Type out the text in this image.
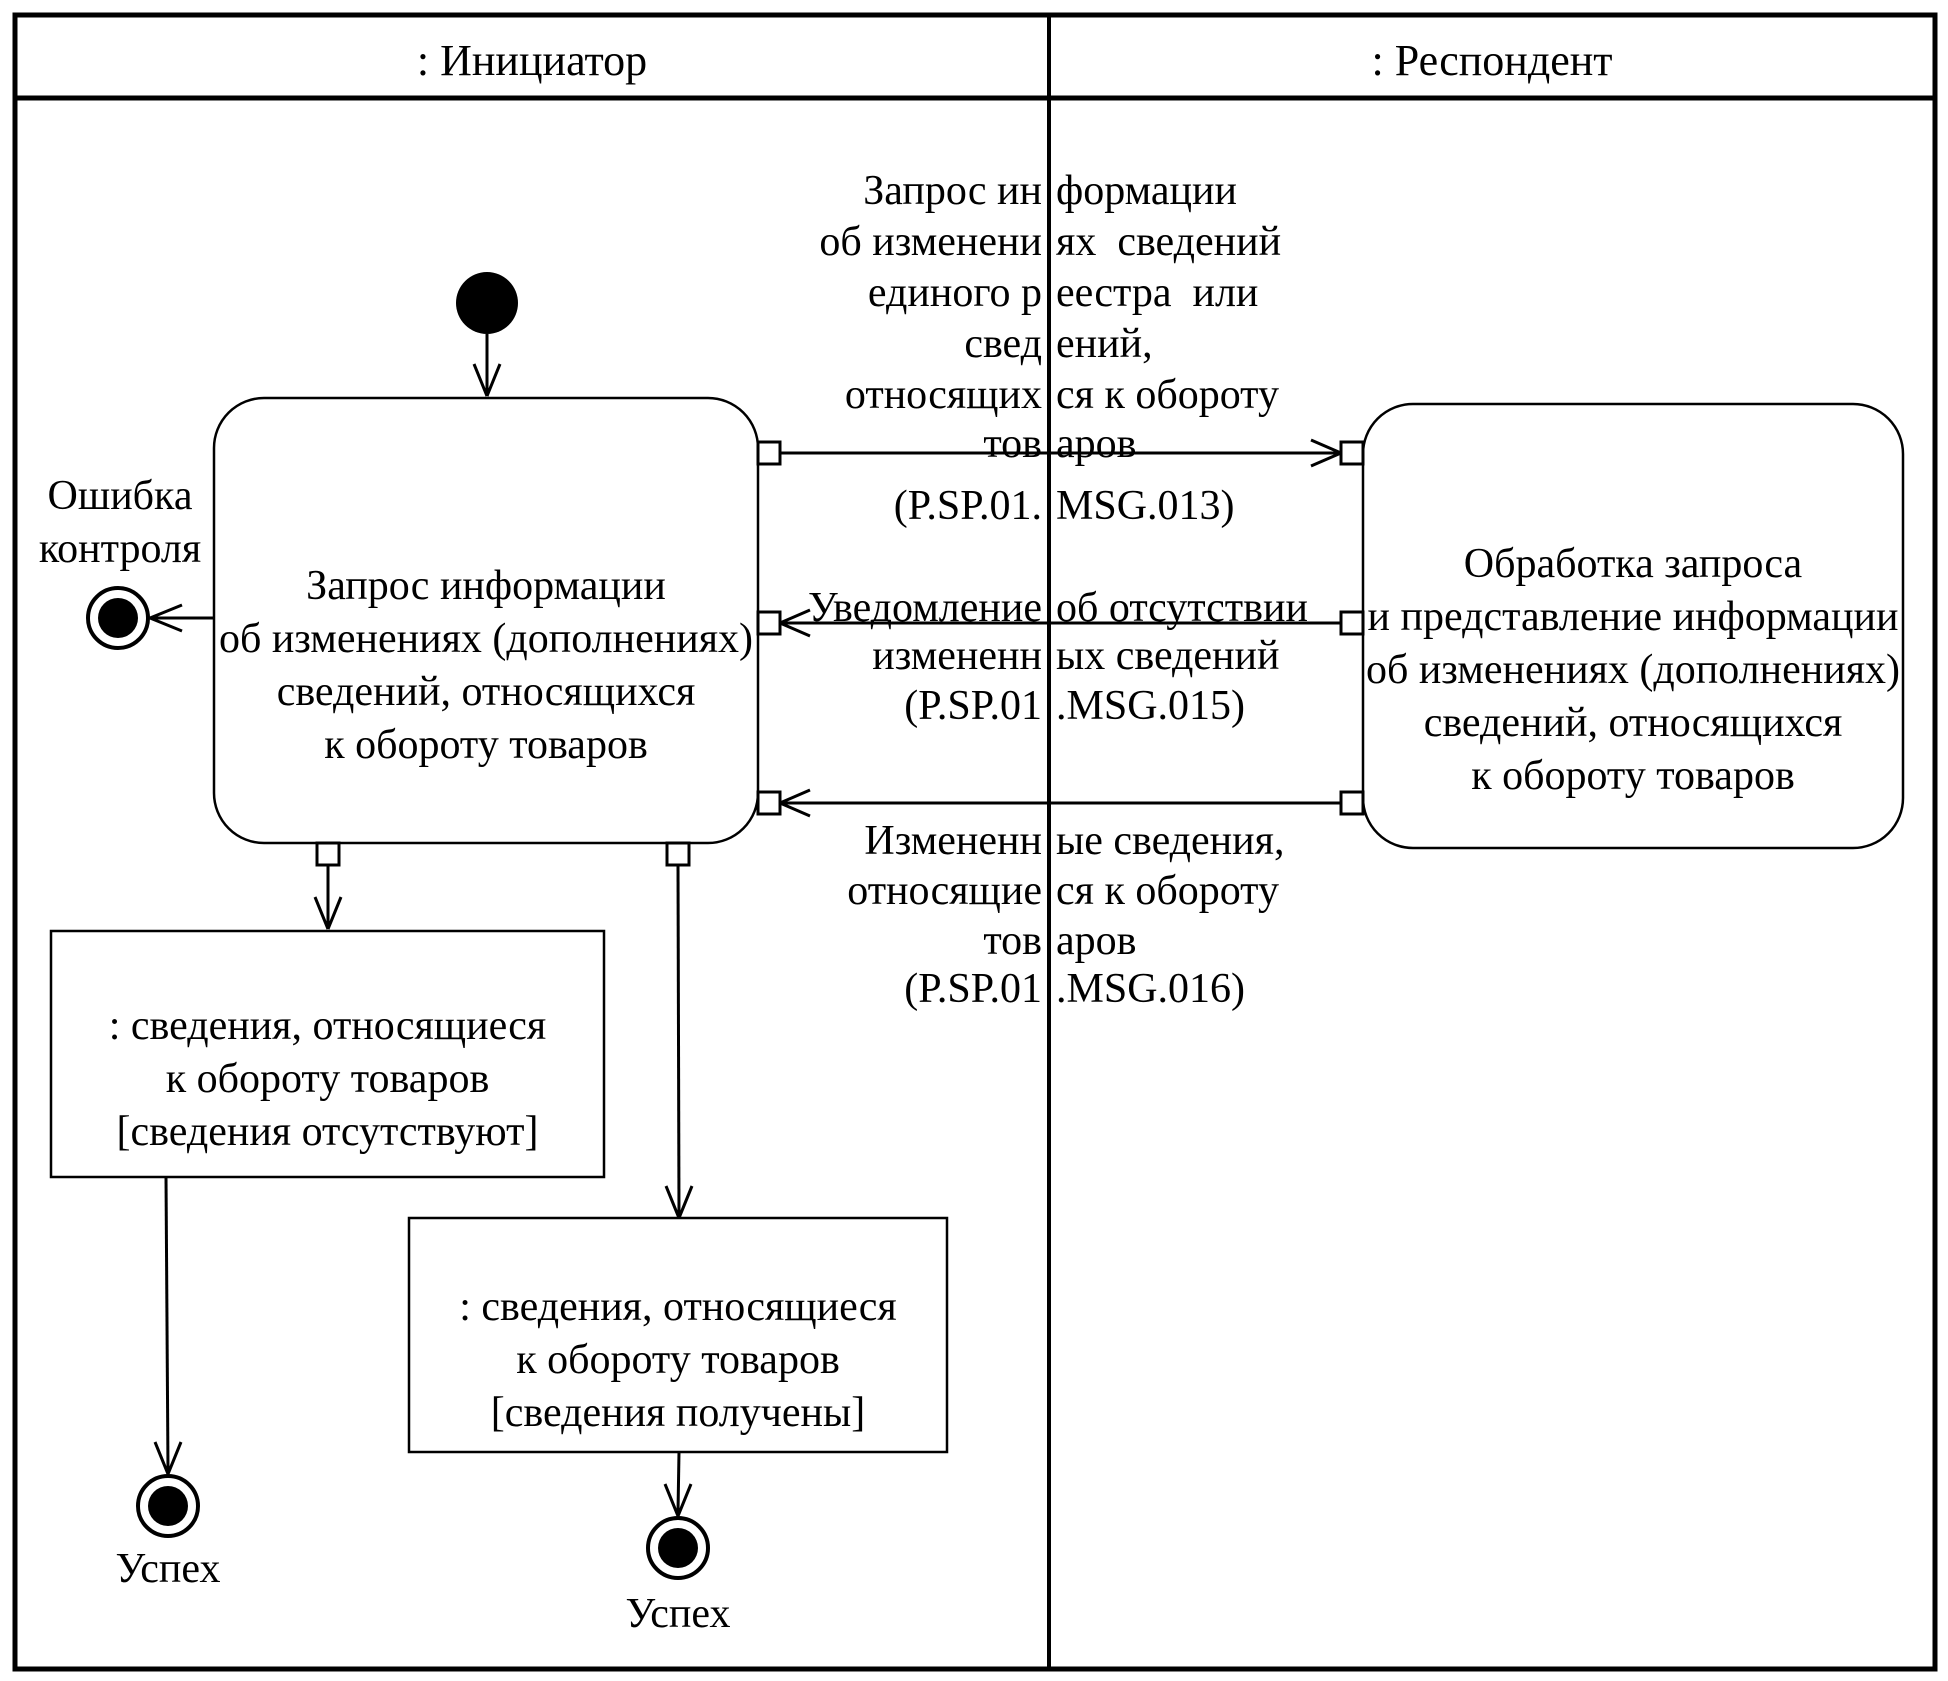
: Инициатор	: Респондент
Запрос информации
об изменениях (дополнениях)
сведений, относящихся
к обороту товаров
Обработка запроса
и представление информации
об изменениях (дополнениях)
сведений, относящихся
к обороту товаров
: сведения, относящиеся
к обороту товаров
[сведения отсутствуют]
: сведения, относящиеся
к обороту товаров
[сведения получены]
Ошибка
контроля
Успех
Успех
Запрос ин формации
об изменени ях  сведений
единого р еестра  или
свед ений,
относящих ся к обороту
тов аров
(P.SP.01. MSG.013)
Уведомление об отсутствии
измененн ых сведений
(P.SP.01 .MSG.015)
Измененн ые сведения,
относящие ся к обороту
тов аров
(P.SP.01 .MSG.016)
